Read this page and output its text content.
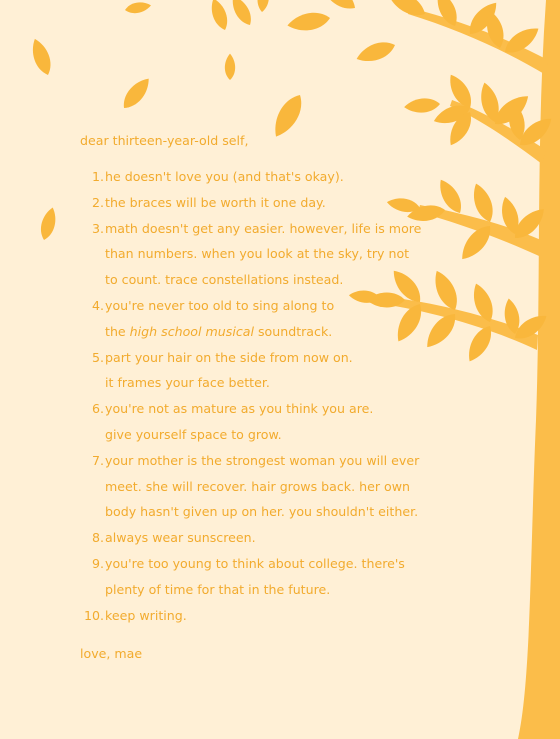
dear thirteen-year-old self,
1. he doesn't love you (and that's okay).
2. the braces will be worth it one day.
3. math doesn't get any easier. however, life is more
than numbers. when you look at the sky, try not
to count. trace constellations instead.
4. you're never too old to sing along to
the high school musical soundtrack.
5. part your hair on the side from now on.
it frames your face better.
6. you're not as mature as you think you are.
give yourself space to grow.
7. your mother is the strongest woman you will ever
meet. she will recover. hair grows back. her own
body hasn't given up on her. you shouldn't either.
8. always wear sunscreen.
9. you're too young to think about college. there's
plenty of time for that in the future.
10. keep writing.
love, mae
